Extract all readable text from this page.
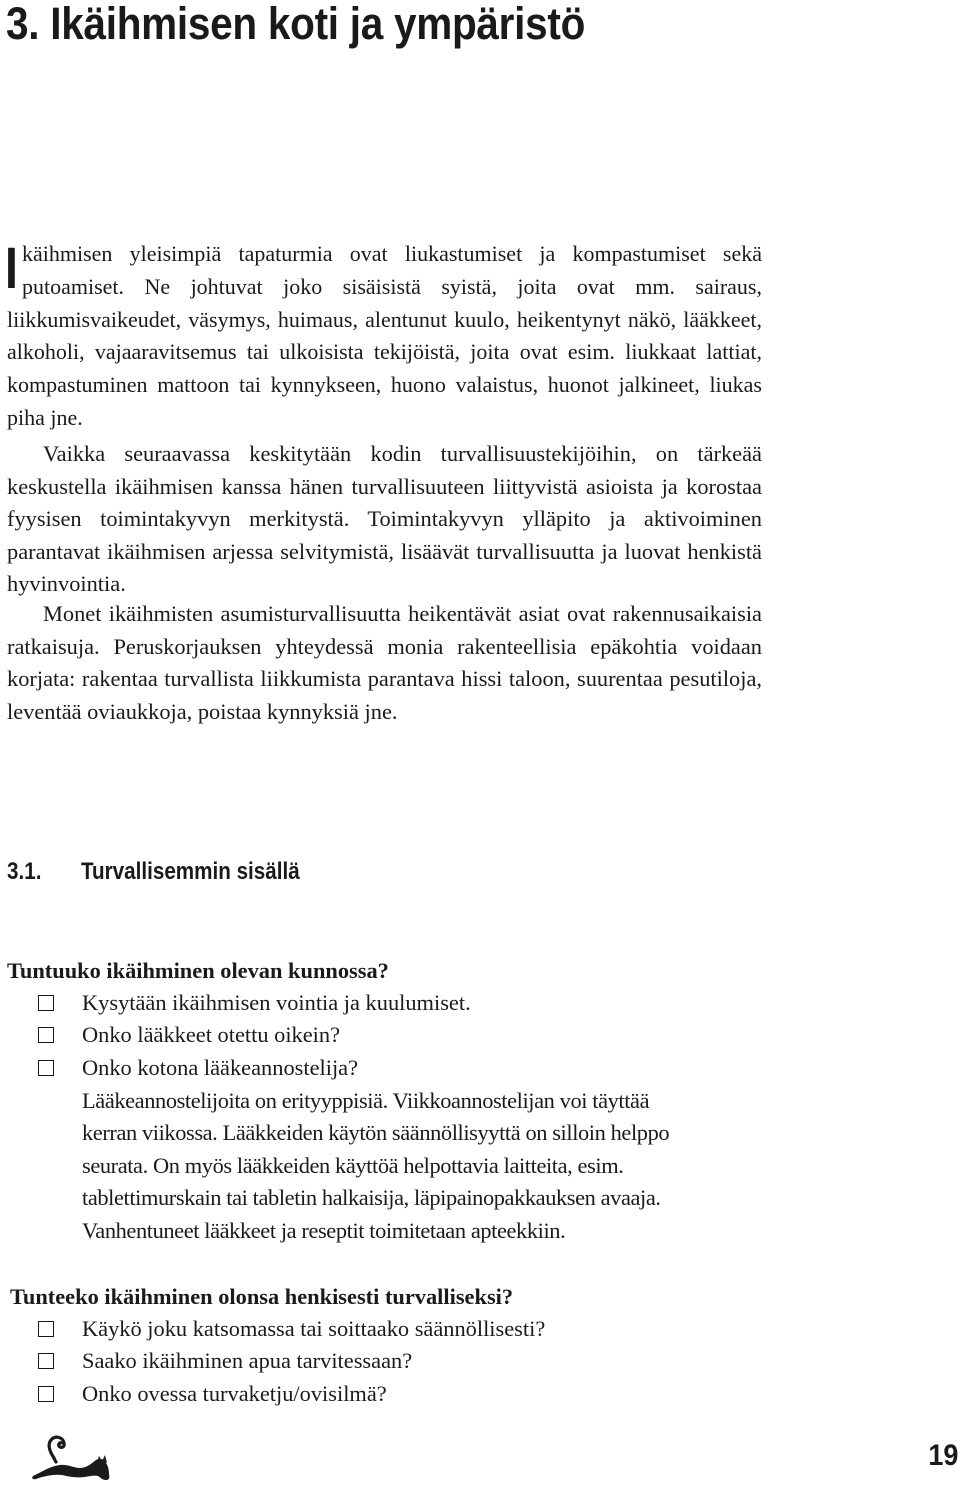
3. Ikäihmisen koti ja ympäristö

Ikäihmisen yleisimpiä tapaturmia ovat liukastumiset ja kompastumiset sekä putoamiset. Ne johtuvat joko sisäisistä syistä, joita ovat mm. sairaus, liikkumisvaikeudet, väsymys, huimaus, alentunut kuulo, heikentynyt näkö, lääkkeet, alkoholi, vajaaravitsemus tai ulkoisista tekijöistä, joita ovat esim. liukkaat lattiat, kompastuminen mattoon tai kynnykseen, huono valaistus, huonot jalkineet, liukas piha jne.

Vaikka seuraavassa keskitytään kodin turvallisuustekijöihin, on tärkeää keskustella ikäihmisen kanssa hänen turvallisuuteen liittyvistä asioista ja korostaa fyysisen toimintakyvyn merkitystä. Toimintakyvyn ylläpito ja aktivoiminen parantavat ikäihmisen arjessa selvitymistä, lisäävät turvallisuutta ja luovat henkistä hyvinvointia.

Monet ikäihmisten asumisturvallisuutta heikentävät asiat ovat rakennusaikaisia ratkaisuja. Peruskorjauksen yhteydessä monia rakenteellisia epäkohtia voidaan korjata: rakentaa turvallista liikkumista parantava hissi taloon, suurentaa pesutiloja, leventää oviaukkoja, poistaa kynnyksiä jne.

3.1. Turvallisemmin sisällä
Tuntuuko ikäihminen olevan kunnossa?
Kysytään ikäihmisen vointia ja kuulumiset.
Onko lääkkeet otettu oikein?
Onko kotona lääkeannostelija?

Lääkeannostelijoita on erityyppisiä. Viikkoannostelijan voi täyttää
kerran viikossa. Lääkkeiden käytön säännöllisyyttä on silloin helppo
seurata. On myös lääkkeiden käyttöä helpottavia laitteita, esim.
tablettimurskain tai tabletin halkaisija, läpipainopakkauksen avaaja.
Vanhentuneet lääkkeet ja reseptit toimitetaan apteekkiin.

Tunteeko ikäihminen olonsa henkisesti turvalliseksi?
Käykö joku katsomassa tai soittaako säännöllisesti?
Saako ikäihminen apua tarvitessaan?
Onko ovessa turvaketju/ovisilmä?

19
